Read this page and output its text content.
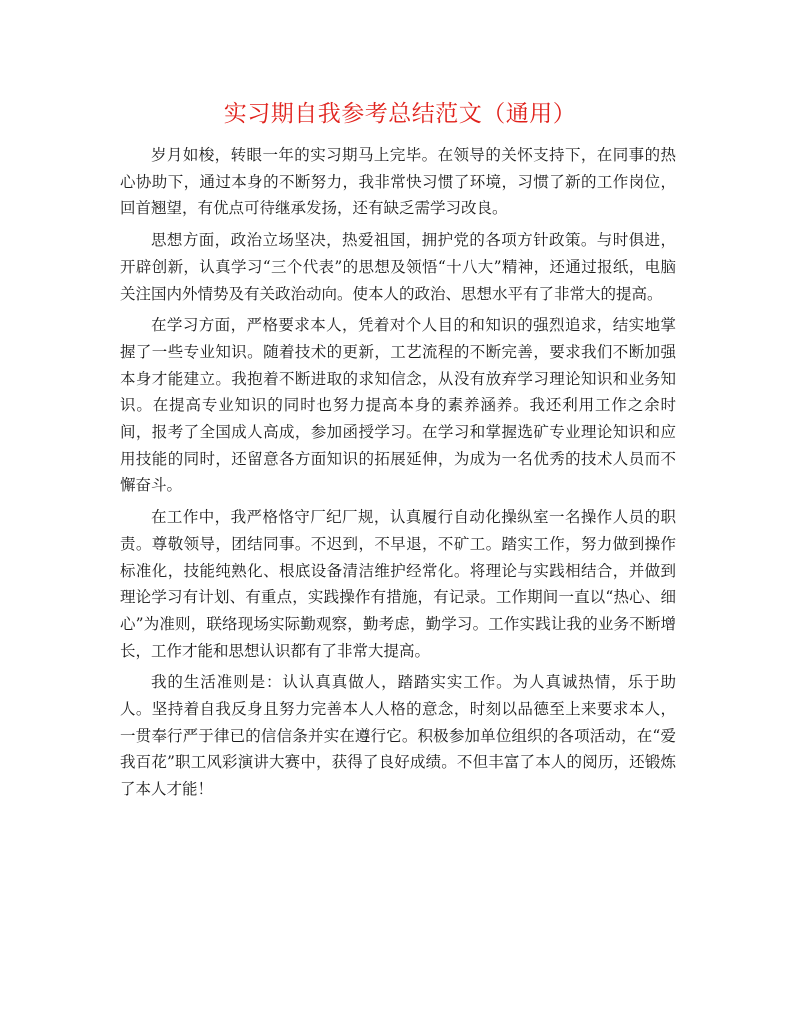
实习期自我参考总结范文（通用）

岁月如梭，转眼一年的实习期马上完毕。在领导的关怀支持下，在同事的热心协助下，通过本身的不断努力，我非常快习惯了环境，习惯了新的工作岗位，回首翘望，有优点可待继承发扬，还有缺乏需学习改良。

思想方面，政治立场坚决，热爱祖国，拥护党的各项方针政策。与时俱进，开辟创新，认真学习“三个代表”的思想及领悟“十八大”精神，还通过报纸，电脑关注国内外情势及有关政治动向。使本人的政治、思想水平有了非常大的提高。

在学习方面，严格要求本人，凭着对个人目的和知识的强烈追求，结实地掌握了一些专业知识。随着技术的更新，工艺流程的不断完善，要求我们不断加强本身才能建立。我抱着不断进取的求知信念，从没有放弃学习理论知识和业务知识。在提高专业知识的同时也努力提高本身的素养涵养。我还利用工作之余时间，报考了全国成人高成，参加函授学习。在学习和掌握选矿专业理论知识和应用技能的同时，还留意各方面知识的拓展延伸，为成为一名优秀的技术人员而不懈奋斗。

在工作中，我严格恪守厂纪厂规，认真履行自动化操纵室一名操作人员的职责。尊敬领导，团结同事。不迟到，不早退，不矿工。踏实工作，努力做到操作标准化，技能纯熟化、根底设备清洁维护经常化。将理论与实践相结合，并做到理论学习有计划、有重点，实践操作有措施，有记录。工作期间一直以“热心、细心”为准则，联络现场实际勤观察，勤考虑，勤学习。工作实践让我的业务不断增长，工作才能和思想认识都有了非常大提高。

我的生活准则是：认认真真做人，踏踏实实工作。为人真诚热情，乐于助人。坚持着自我反身且努力完善本人人格的意念，时刻以品德至上来要求本人，一贯奉行严于律已的信信条并实在遵行它。积极参加单位组织的各项活动，在“爱我百花”职工风彩演讲大赛中，获得了良好成绩。不但丰富了本人的阅历，还锻炼了本人才能！
